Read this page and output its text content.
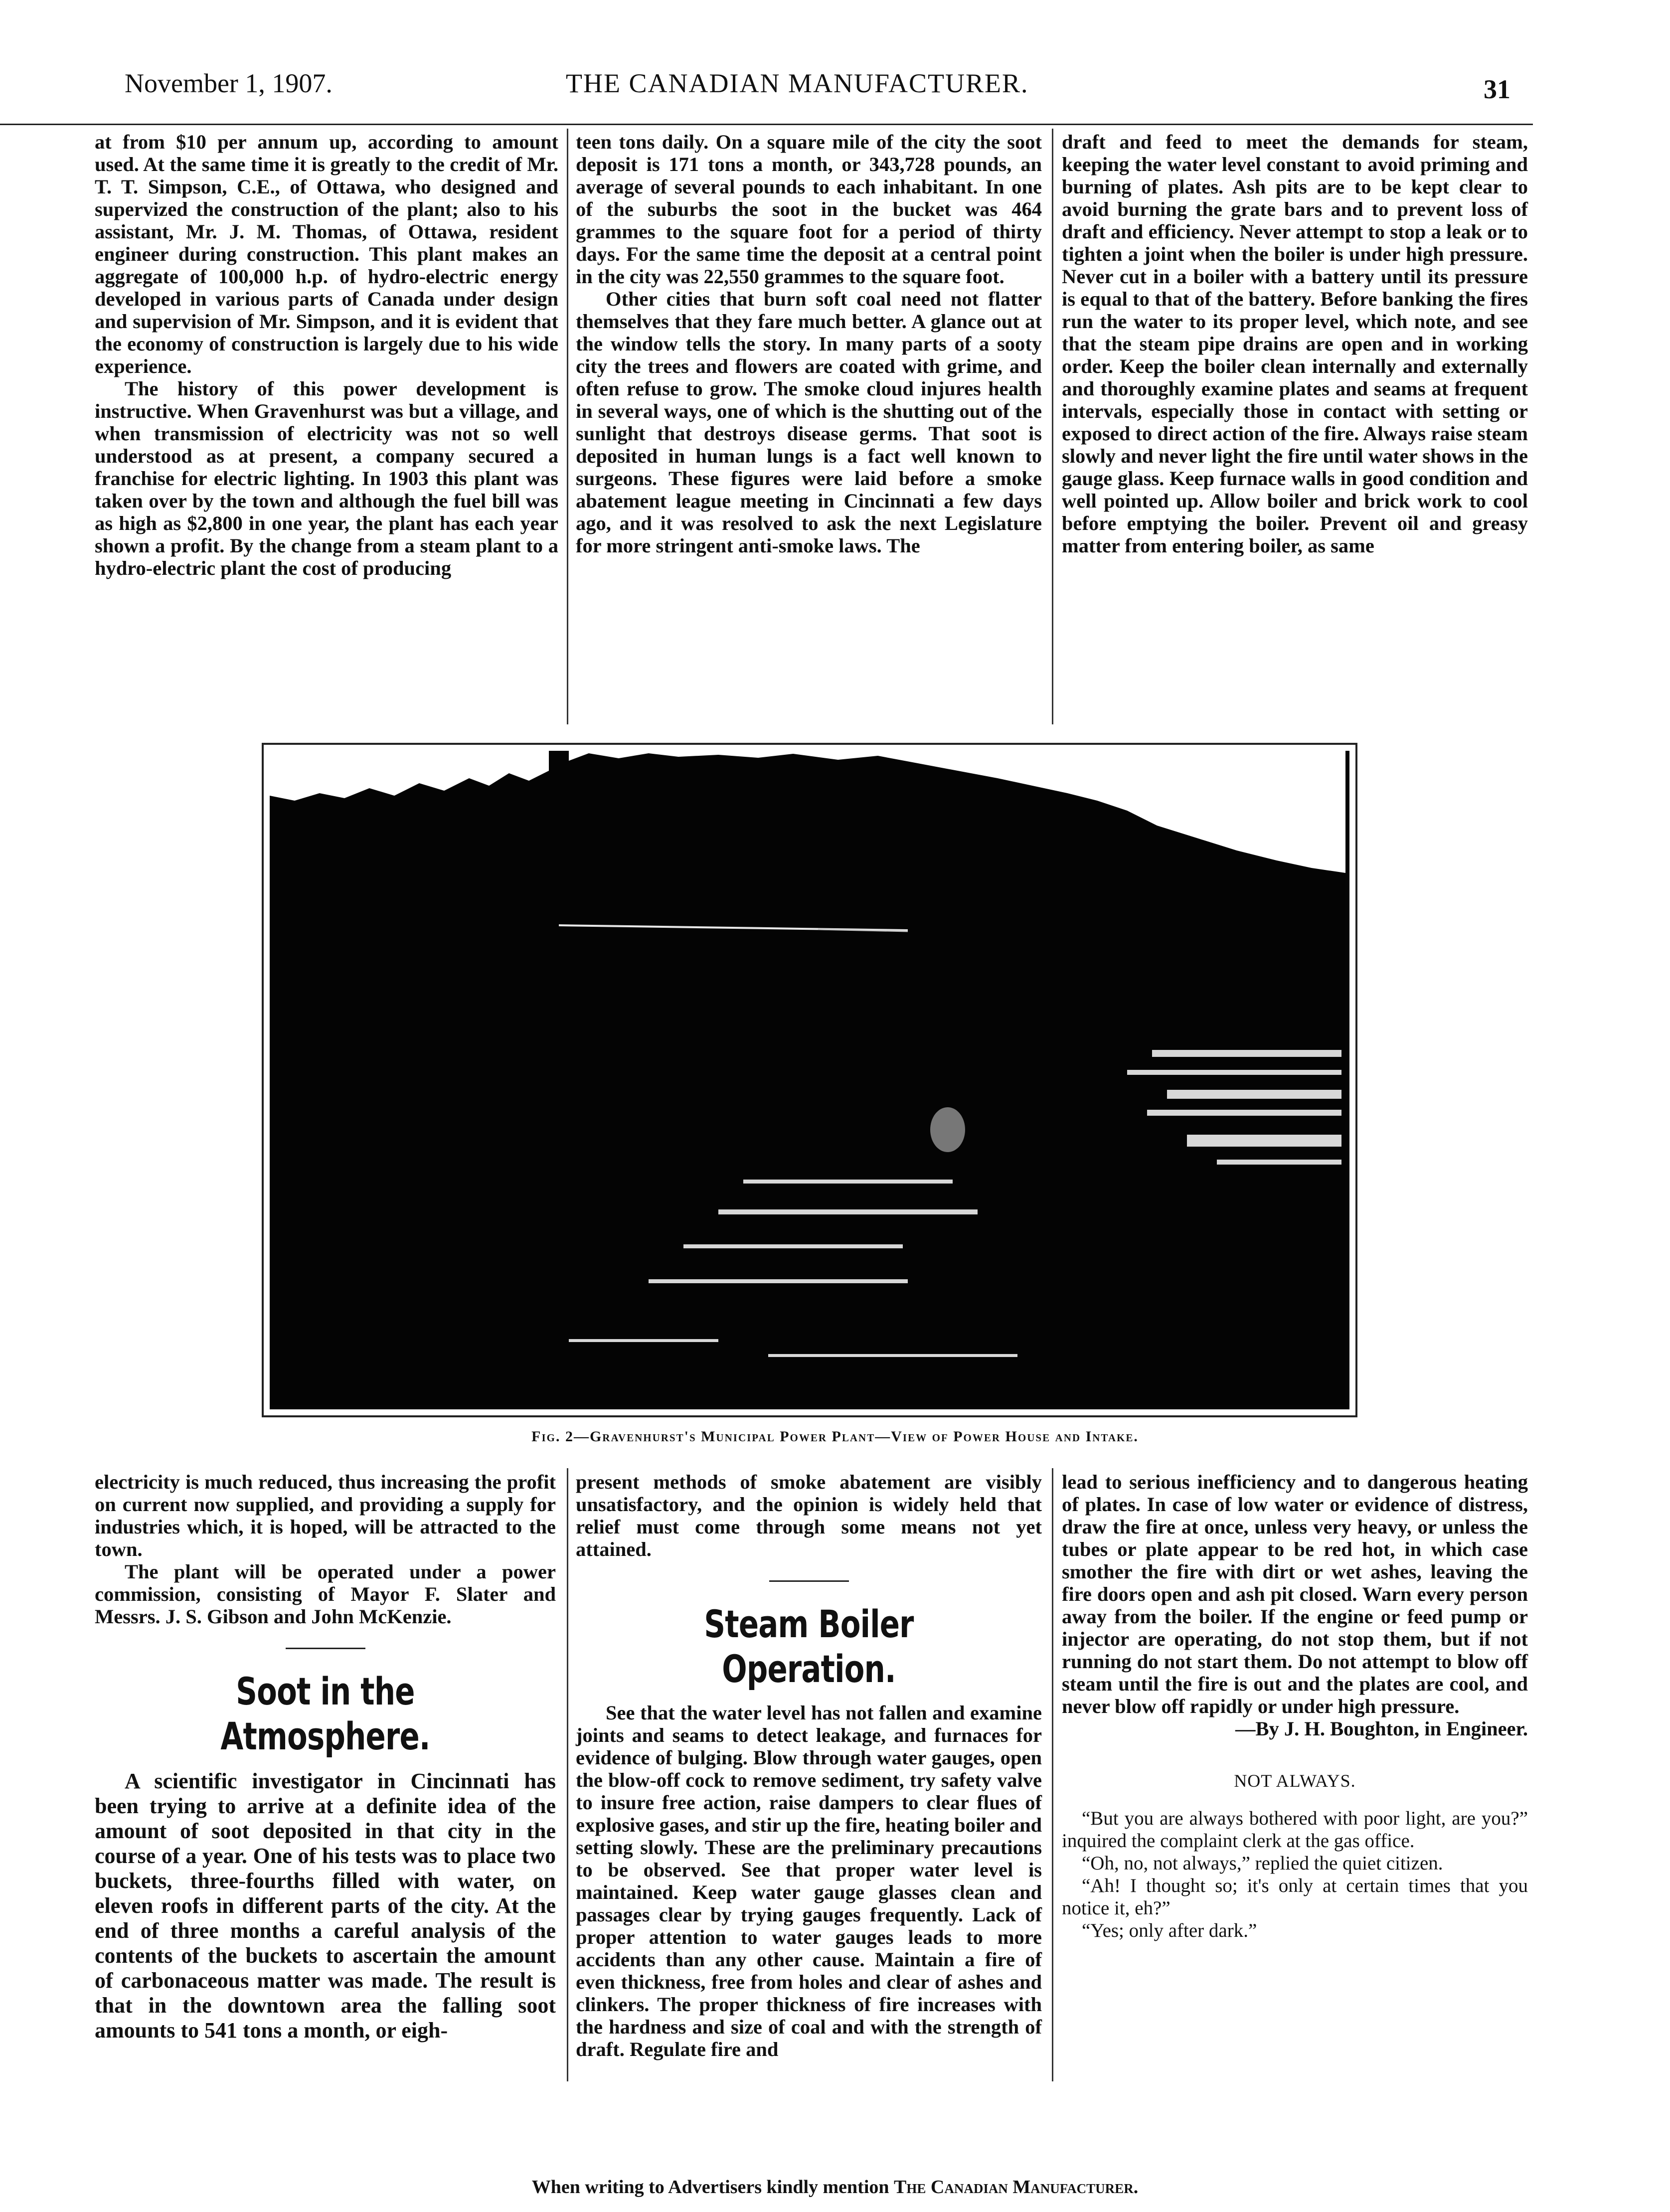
November 1, 1907.	THE CANADIAN MANUFACTURER.	31

at from $10 per annum up, according to amount used. At the same time it is greatly to the credit of Mr. T. T. Simpson, C.E., of Ottawa, who designed and supervized the construction of the plant; also to his assistant, Mr. J. M. Thomas, of Ottawa, resident engineer during construction. This plant makes an aggregate of 100,000 h.p. of hydro-electric energy developed in various parts of Canada under design and supervision of Mr. Simpson, and it is evident that the economy of construction is largely due to his wide experience.

The history of this power development is instructive. When Gravenhurst was but a village, and when transmission of electricity was not so well understood as at present, a company secured a franchise for electric lighting. In 1903 this plant was taken over by the town and although the fuel bill was as high as $2,800 in one year, the plant has each year shown a profit. By the change from a steam plant to a hydro-electric plant the cost of producing

teen tons daily. On a square mile of the city the soot deposit is 171 tons a month, or 343,728 pounds, an average of several pounds to each inhabitant. In one of the suburbs the soot in the bucket was 464 grammes to the square foot for a period of thirty days. For the same time the deposit at a central point in the city was 22,550 grammes to the square foot.

Other cities that burn soft coal need not flatter themselves that they fare much better. A glance out at the window tells the story. In many parts of a sooty city the trees and flowers are coated with grime, and often refuse to grow. The smoke cloud injures health in several ways, one of which is the shutting out of the sunlight that destroys disease germs. That soot is deposited in human lungs is a fact well known to surgeons. These figures were laid before a smoke abatement league meeting in Cincinnati a few days ago, and it was resolved to ask the next Legislature for more stringent anti-smoke laws. The

draft and feed to meet the demands for steam, keeping the water level constant to avoid priming and burning of plates. Ash pits are to be kept clear to avoid burning the grate bars and to prevent loss of draft and efficiency. Never attempt to stop a leak or to tighten a joint when the boiler is under high pressure. Never cut in a boiler with a battery until its pressure is equal to that of the battery. Before banking the fires run the water to its proper level, which note, and see that the steam pipe drains are open and in working order. Keep the boiler clean internally and externally and thoroughly examine plates and seams at frequent intervals, especially those in contact with setting or exposed to direct action of the fire. Always raise steam slowly and never light the fire until water shows in the gauge glass. Keep furnace walls in good condition and well pointed up. Allow boiler and brick work to cool before emptying the boiler. Prevent oil and greasy matter from entering boiler, as same

Fig. 2—Gravenhurst's Municipal Power Plant—View of Power House and Intake.

electricity is much reduced, thus increasing the profit on current now supplied, and providing a supply for industries which, it is hoped, will be attracted to the town.

The plant will be operated under a power commission, consisting of Mayor F. Slater and Messrs. J. S. Gibson and John McKenzie.

Soot in the Atmosphere.

A scientific investigator in Cincinnati has been trying to arrive at a definite idea of the amount of soot deposited in that city in the course of a year. One of his tests was to place two buckets, three-fourths filled with water, on eleven roofs in different parts of the city. At the end of three months a careful analysis of the contents of the buckets to ascertain the amount of carbonaceous matter was made. The result is that in the downtown area the falling soot amounts to 541 tons a month, or eigh-

present methods of smoke abatement are visibly unsatisfactory, and the opinion is widely held that relief must come through some means not yet attained.

Steam Boiler Operation.

See that the water level has not fallen and examine joints and seams to detect leakage, and furnaces for evidence of bulging. Blow through water gauges, open the blow-off cock to remove sediment, try safety valve to insure free action, raise dampers to clear flues of explosive gases, and stir up the fire, heating boiler and setting slowly. These are the preliminary precautions to be observed. See that proper water level is maintained. Keep water gauge glasses clean and passages clear by trying gauges frequently. Lack of proper attention to water gauges leads to more accidents than any other cause. Maintain a fire of even thickness, free from holes and clear of ashes and clinkers. The proper thickness of fire increases with the hardness and size of coal and with the strength of draft. Regulate fire and

lead to serious inefficiency and to dangerous heating of plates. In case of low water or evidence of distress, draw the fire at once, unless very heavy, or unless the tubes or plate appear to be red hot, in which case smother the fire with dirt or wet ashes, leaving the fire doors open and ash pit closed. Warn every person away from the boiler. If the engine or feed pump or injector are operating, do not stop them, but if not running do not start them. Do not attempt to blow off steam until the fire is out and the plates are cool, and never blow off rapidly or under high pressure.

—By J. H. Boughton, in Engineer.

NOT ALWAYS.

“But you are always bothered with poor light, are you?” inquired the complaint clerk at the gas office.

“Oh, no, not always,” replied the quiet citizen.

“Ah! I thought so; it's only at certain times that you notice it, eh?”

“Yes; only after dark.”

When writing to Advertisers kindly mention The Canadian Manufacturer.
